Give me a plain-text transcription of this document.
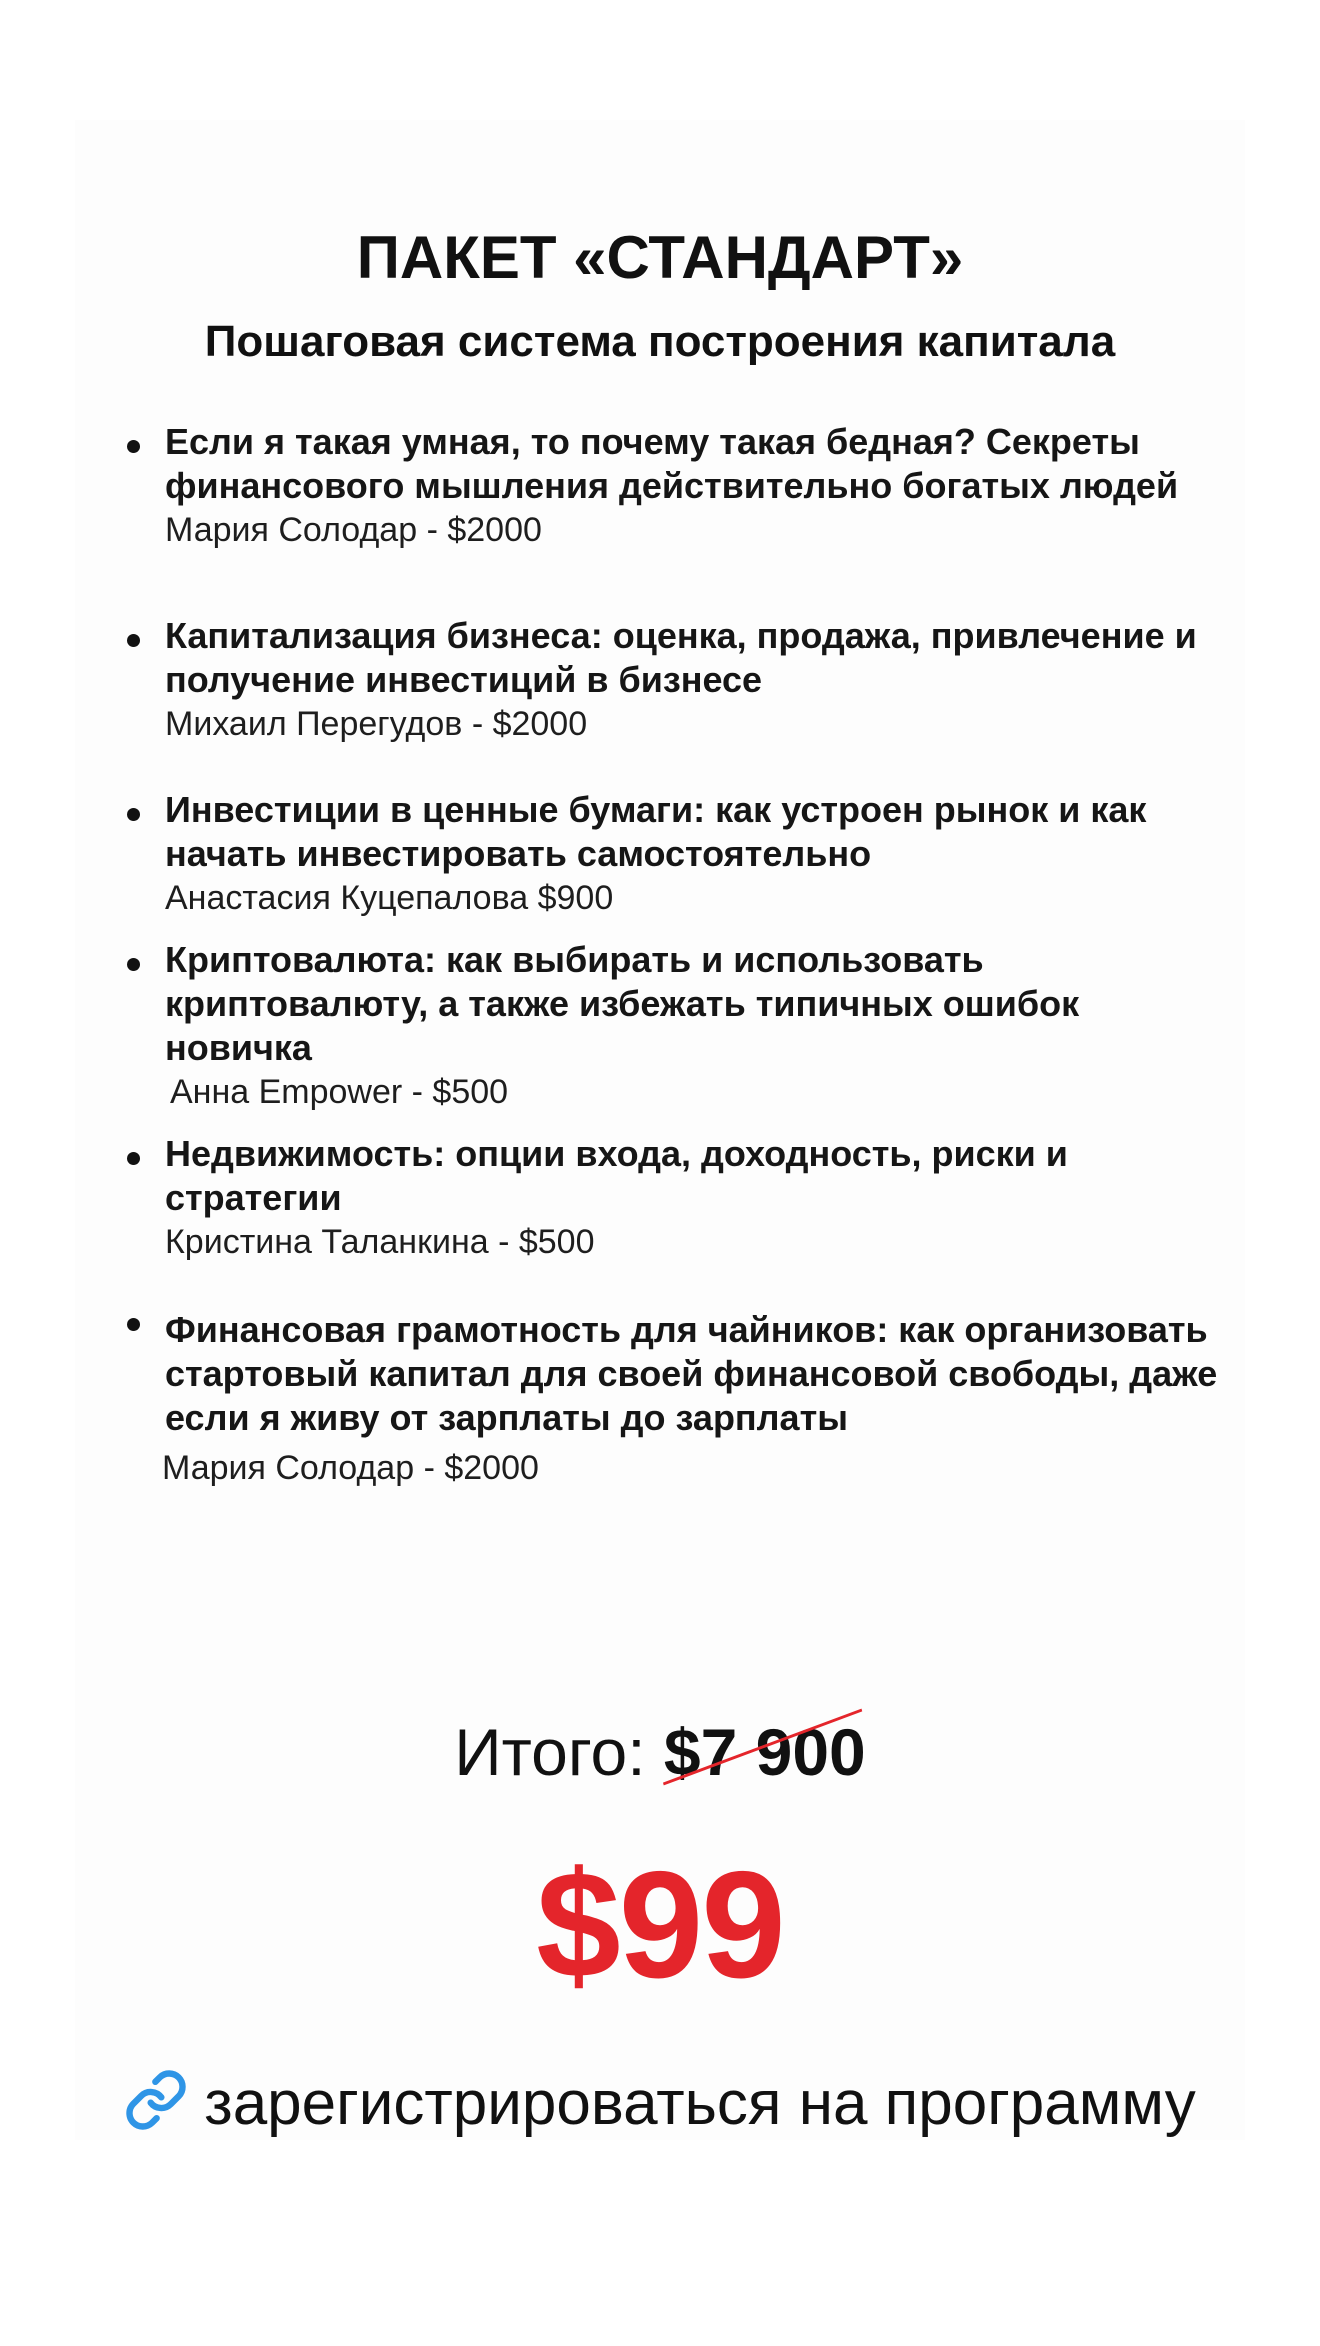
ПАКЕТ «СТАНДАРТ»
Пошаговая система построения капитала
Если я такая умная, то почему такая бедная? Секреты финансового мышления действительно богатых людей
Мария Солодар - $2000
Капитализация бизнеса: оценка, продажа, привлечение и получение инвестиций в бизнесе
Михаил Перегудов - $2000
Инвестиции в ценные бумаги: как устроен рынок и как начать инвестировать самостоятельно
Анастасия Куцепалова $900
Криптовалюта: как выбирать и использовать криптовалюту, а также избежать типичных ошибок новичка
Анна Empower - $500
Недвижимость: опции входа, доходность, риски и стратегии
Кристина Таланкина - $500
Финансовая грамотность для чайников: как организовать стартовый капитал для своей финансовой свободы, даже если я живу от зарплаты до зарплаты
Мария Солодар - $2000
Итого: $7 900
$99
зарегистрироваться на программу
